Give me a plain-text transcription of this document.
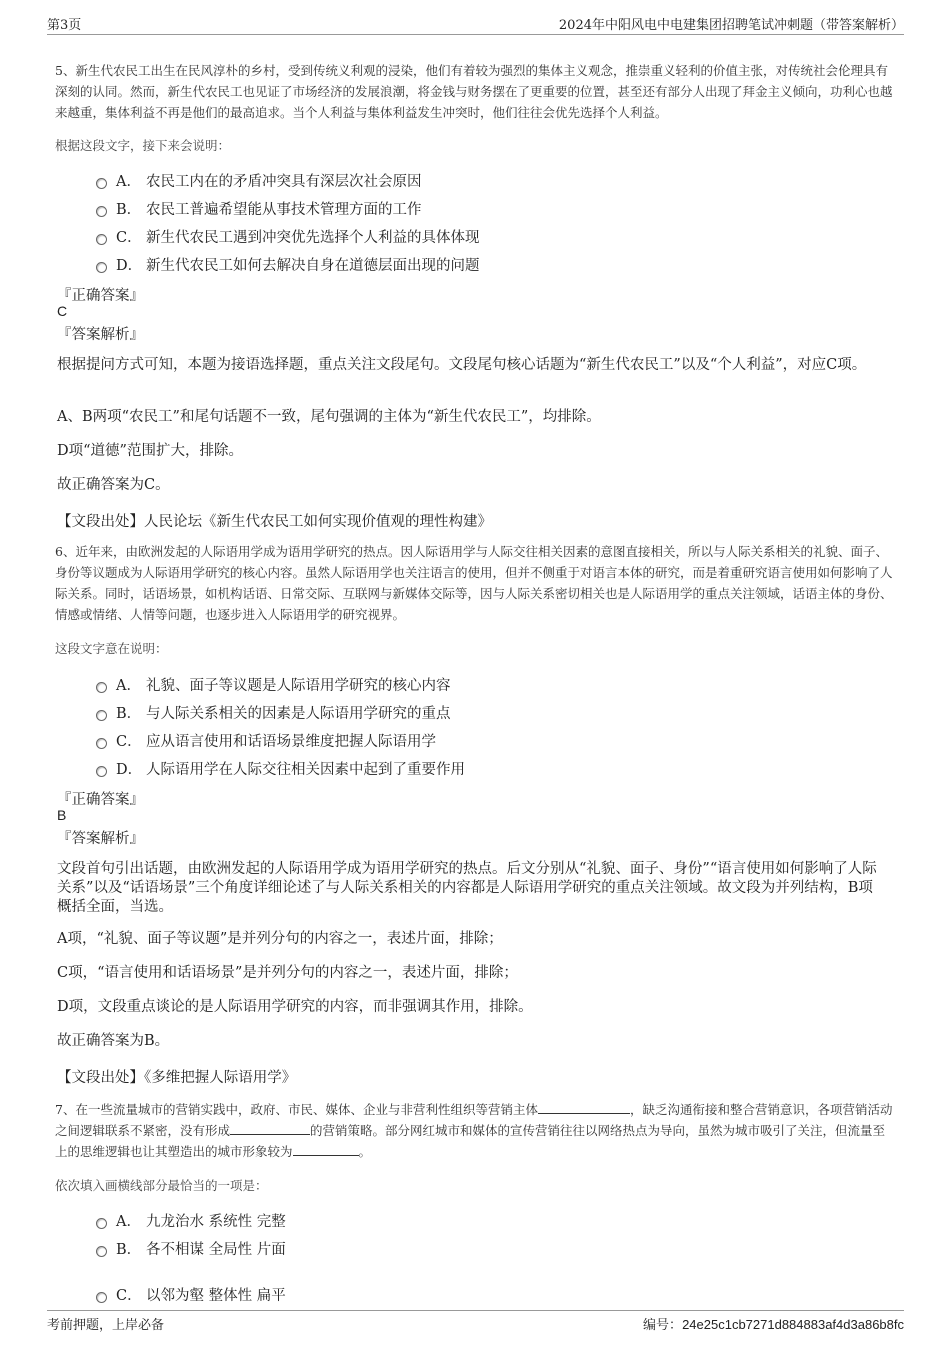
第3页	2024年中阳风电中电建集团招聘笔试冲刺题（带答案解析）
5、新生代农民工出生在民风淳朴的乡村，受到传统义利观的浸染，他们有着较为强烈的集体主义观念，推崇重义轻利的价值主张，对传统社会伦理具有深刻的认同。然而，新生代农民工也见证了市场经济的发展浪潮，将金钱与财务摆在了更重要的位置，甚至还有部分人出现了拜金主义倾向，功利心也越来越重，集体利益不再是他们的最高追求。当个人利益与集体利益发生冲突时，他们往往会优先选择个人利益。
根据这段文字，接下来会说明：
A． 农民工内在的矛盾冲突具有深层次社会原因
B． 农民工普遍希望能从事技术管理方面的工作
C． 新生代农民工遇到冲突优先选择个人利益的具体体现
D． 新生代农民工如何去解决自身在道德层面出现的问题
『正确答案』
C
『答案解析』
根据提问方式可知，本题为接语选择题，重点关注文段尾句。文段尾句核心话题为“新生代农民工”以及“个人利益”，对应C项。
A、B两项“农民工”和尾句话题不一致，尾句强调的主体为“新生代农民工”，均排除。
D项“道德”范围扩大，排除。
故正确答案为C。
【文段出处】人民论坛《新生代农民工如何实现价值观的理性构建》
6、近年来，由欧洲发起的人际语用学成为语用学研究的热点。因人际语用学与人际交往相关因素的意图直接相关，所以与人际关系相关的礼貌、面子、身份等议题成为人际语用学研究的核心内容。虽然人际语用学也关注语言的使用，但并不侧重于对语言本体的研究，而是着重研究语言使用如何影响了人际关系。同时，话语场景，如机构话语、日常交际、互联网与新媒体交际等，因与人际关系密切相关也是人际语用学的重点关注领域，话语主体的身份、情感或情绪、人情等问题，也逐步进入人际语用学的研究视界。
这段文字意在说明：
A． 礼貌、面子等议题是人际语用学研究的核心内容
B． 与人际关系相关的因素是人际语用学研究的重点
C． 应从语言使用和话语场景维度把握人际语用学
D． 人际语用学在人际交往相关因素中起到了重要作用
『正确答案』
B
『答案解析』
文段首句引出话题，由欧洲发起的人际语用学成为语用学研究的热点。后文分别从“礼貌、面子、身份”“语言使用如何影响了人际关系”以及“话语场景”三个角度详细论述了与人际关系相关的内容都是人际语用学研究的重点关注领域。故文段为并列结构，B项概括全面，当选。
A项，“礼貌、面子等议题”是并列分句的内容之一，表述片面，排除；
C项，“语言使用和话语场景”是并列分句的内容之一，表述片面，排除；
D项，文段重点谈论的是人际语用学研究的内容，而非强调其作用，排除。
故正确答案为B。
【文段出处】《多维把握人际语用学》
7、在一些流量城市的营销实践中，政府、市民、媒体、企业与非营利性组织等营销主体	，缺乏沟通衔接和整合营销意识，各项营销活动之间逻辑联系不紧密，没有形成	的营销策略。部分网红城市和媒体的宣传营销往往以网络热点为导向，虽然为城市吸引了关注，但流量至上的思维逻辑也让其塑造出的城市形象较为	。
依次填入画横线部分最恰当的一项是：
A． 九龙治水 系统性 完整
B． 各不相谋 全局性 片面
C． 以邻为壑 整体性 扁平
考前押题，上岸必备	编号：24e25c1cb7271d884883af4d3a86b8fc
